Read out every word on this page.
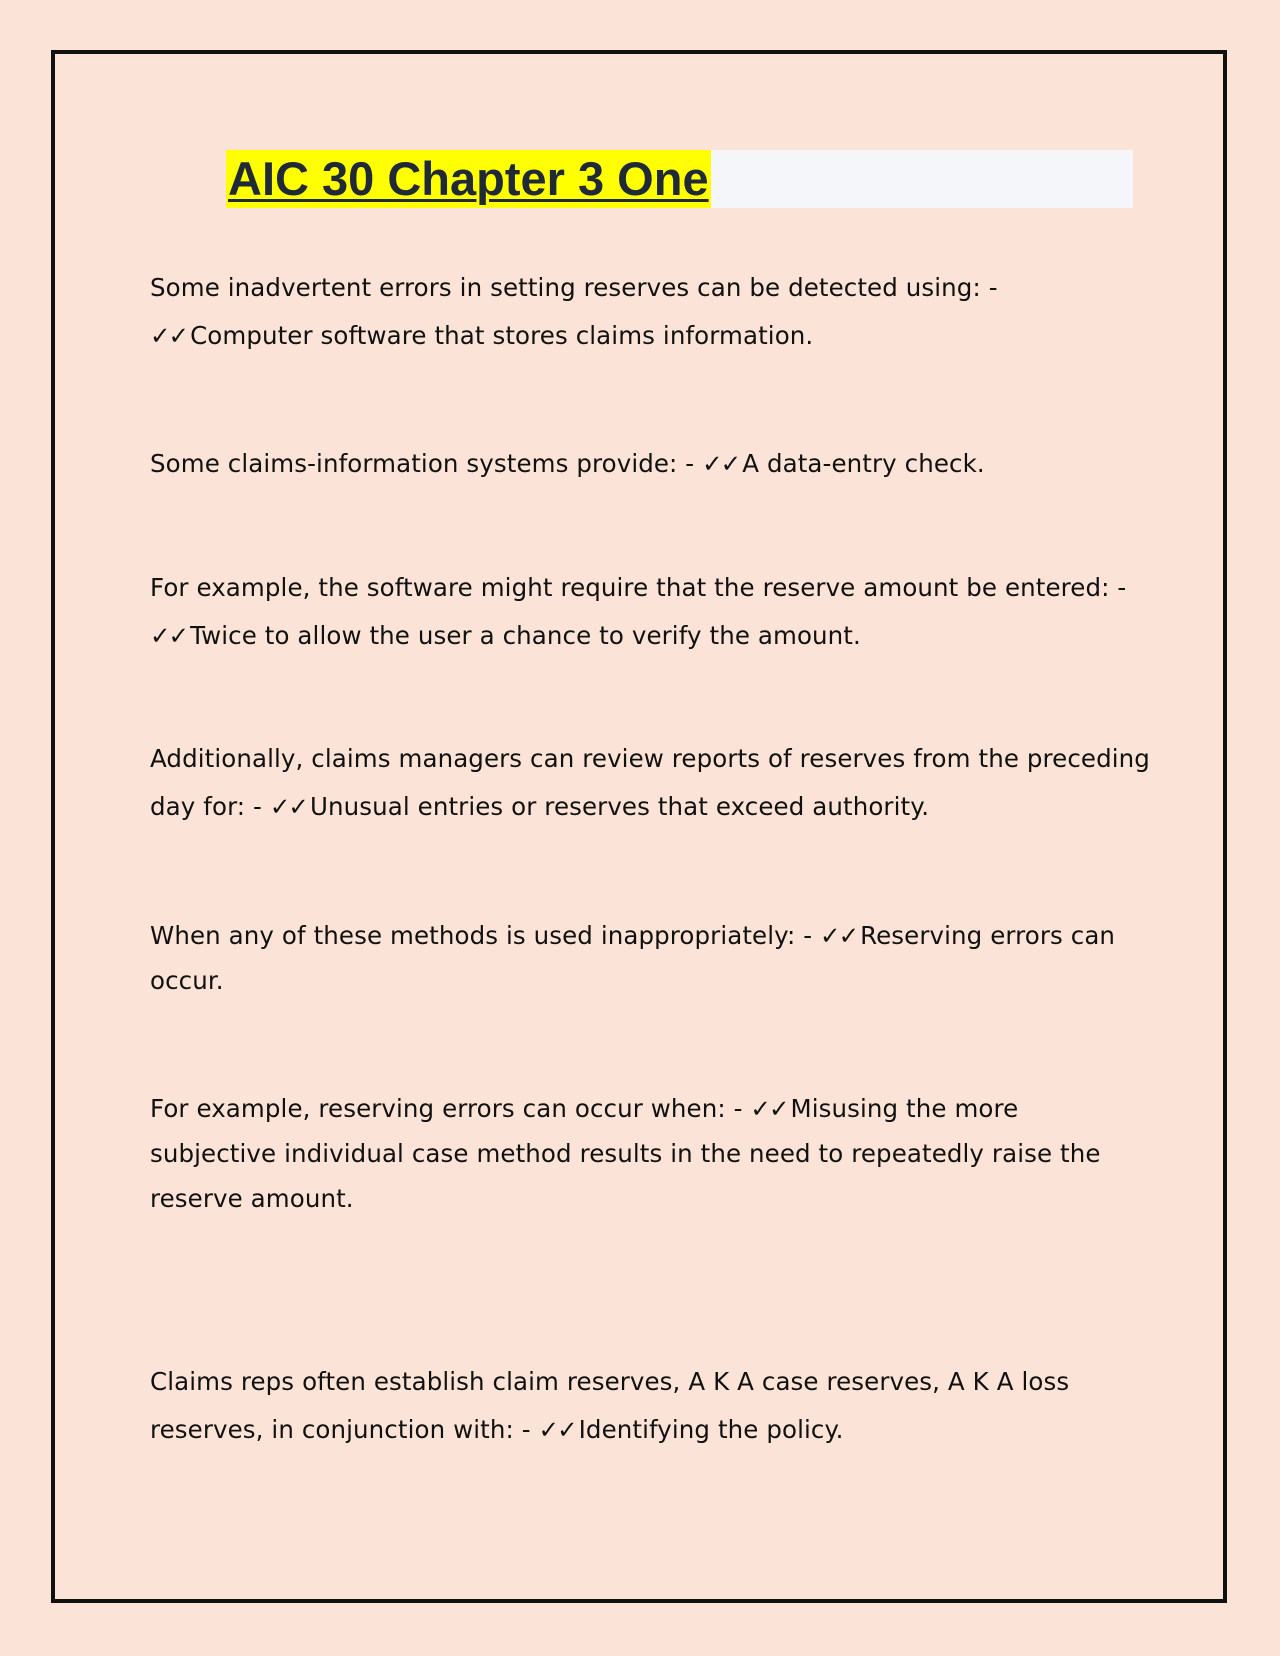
AIC 30 Chapter 3 One
Some inadvertent errors in setting reserves can be detected using: -
✓✓ Computer software that stores claims information.
Some claims-information systems provide: - ✓✓ A data-entry check.
For example, the software might require that the reserve amount be entered: -
✓✓ Twice to allow the user a chance to verify the amount.
Additionally, claims managers can review reports of reserves from the preceding day for: - ✓✓ Unusual entries or reserves that exceed authority.
When any of these methods is used inappropriately: - ✓✓ Reserving errors can occur.
For example, reserving errors can occur when: - ✓✓ Misusing the more subjective individual case method results in the need to repeatedly raise the reserve amount.
Claims reps often establish claim reserves, A K A case reserves, A K A loss reserves, in conjunction with: - ✓✓ Identifying the policy.
